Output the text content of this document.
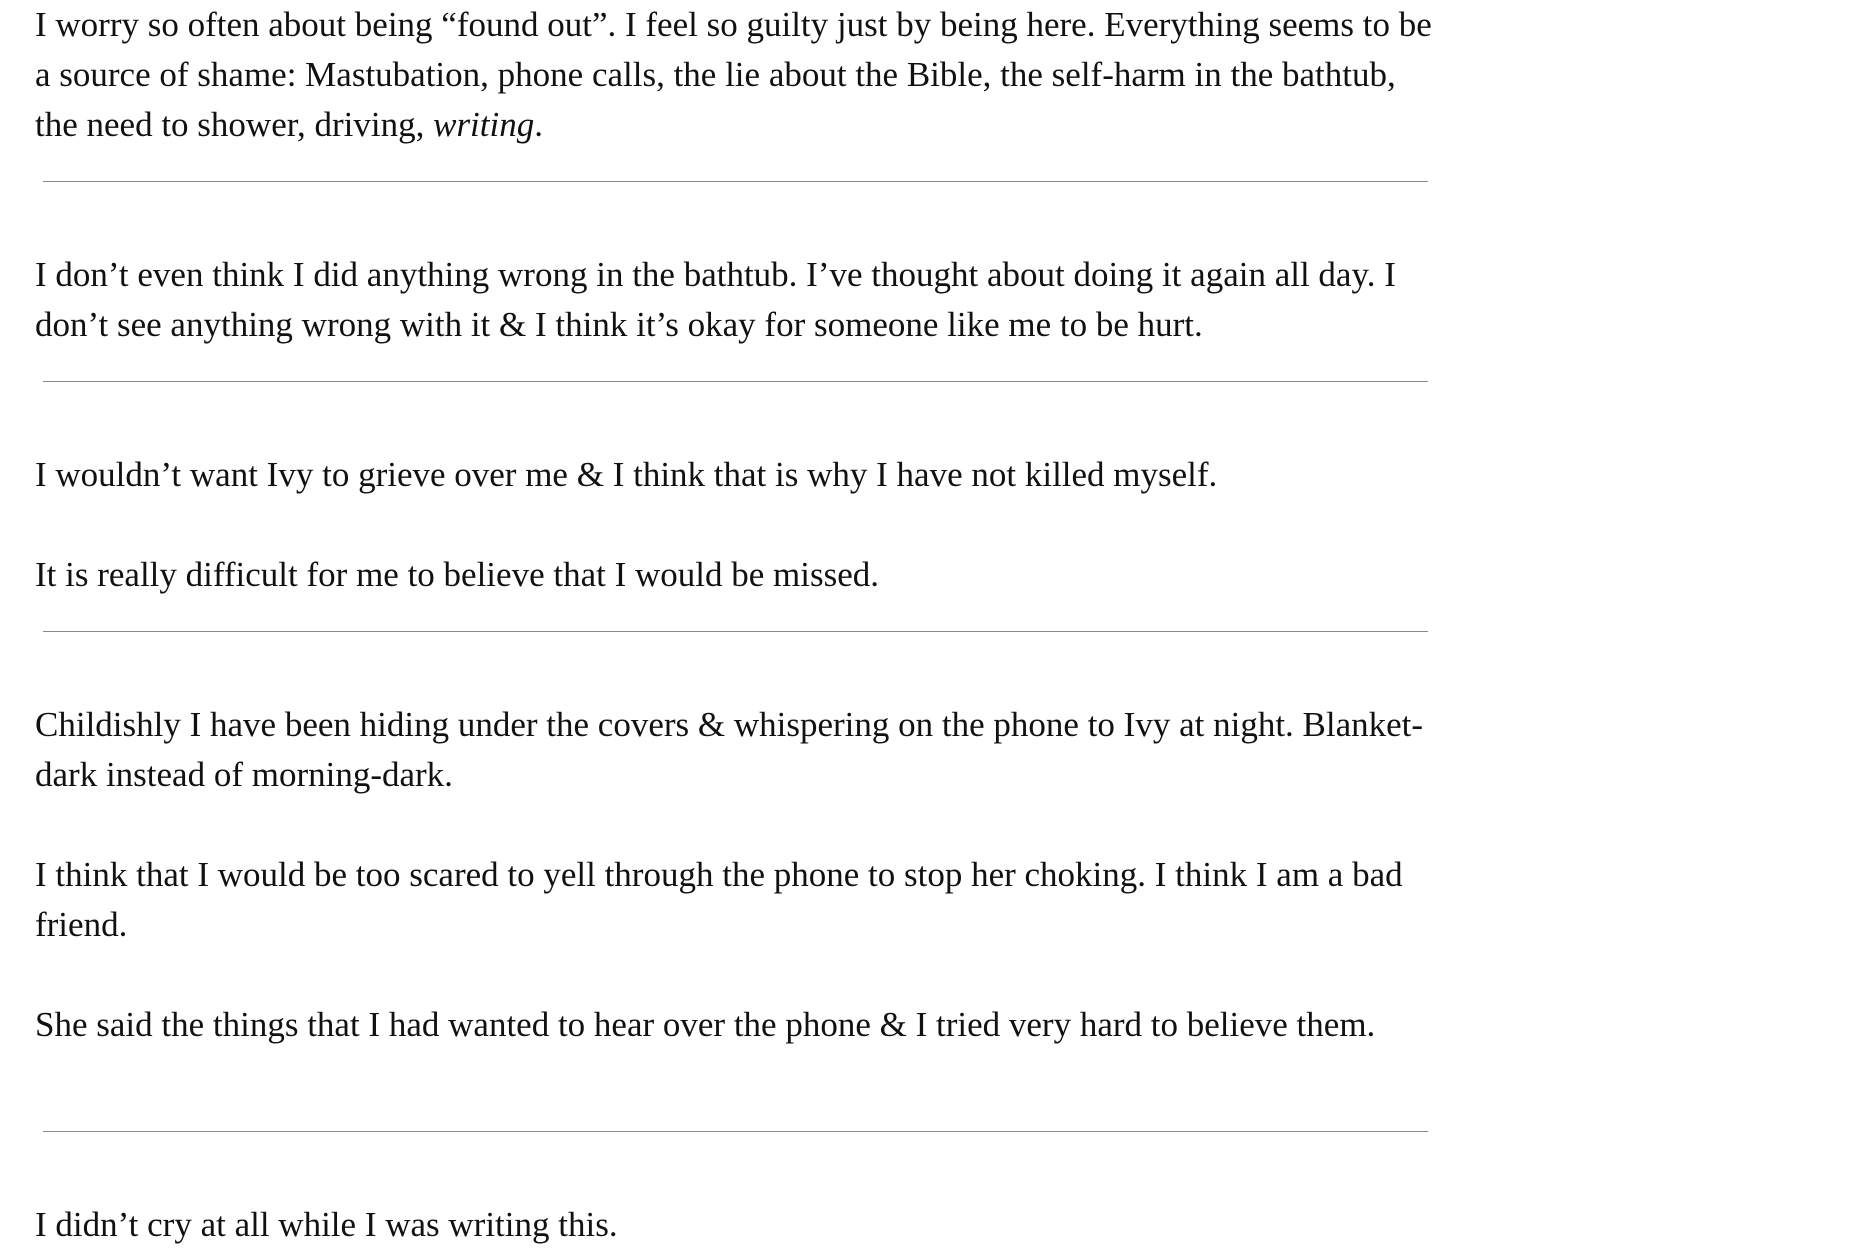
I worry so often about being “found out”. I feel so guilty just by being here. Everything seems to be a source of shame: Mastubation, phone calls, the lie about the Bible, the self-harm in the bathtub, the need to shower, driving, writing.

I don’t even think I did anything wrong in the bathtub. I’ve thought about doing it again all day. I don’t see anything wrong with it & I think it’s okay for someone like me to be hurt.

I wouldn’t want Ivy to grieve over me & I think that is why I have not killed myself.

It is really difficult for me to believe that I would be missed.

Childishly I have been hiding under the covers & whispering on the phone to Ivy at night. Blanket-dark instead of morning-dark.

I think that I would be too scared to yell through the phone to stop her choking. I think I am a bad friend.

She said the things that I had wanted to hear over the phone & I tried very hard to believe them.

I didn’t cry at all while I was writing this.
